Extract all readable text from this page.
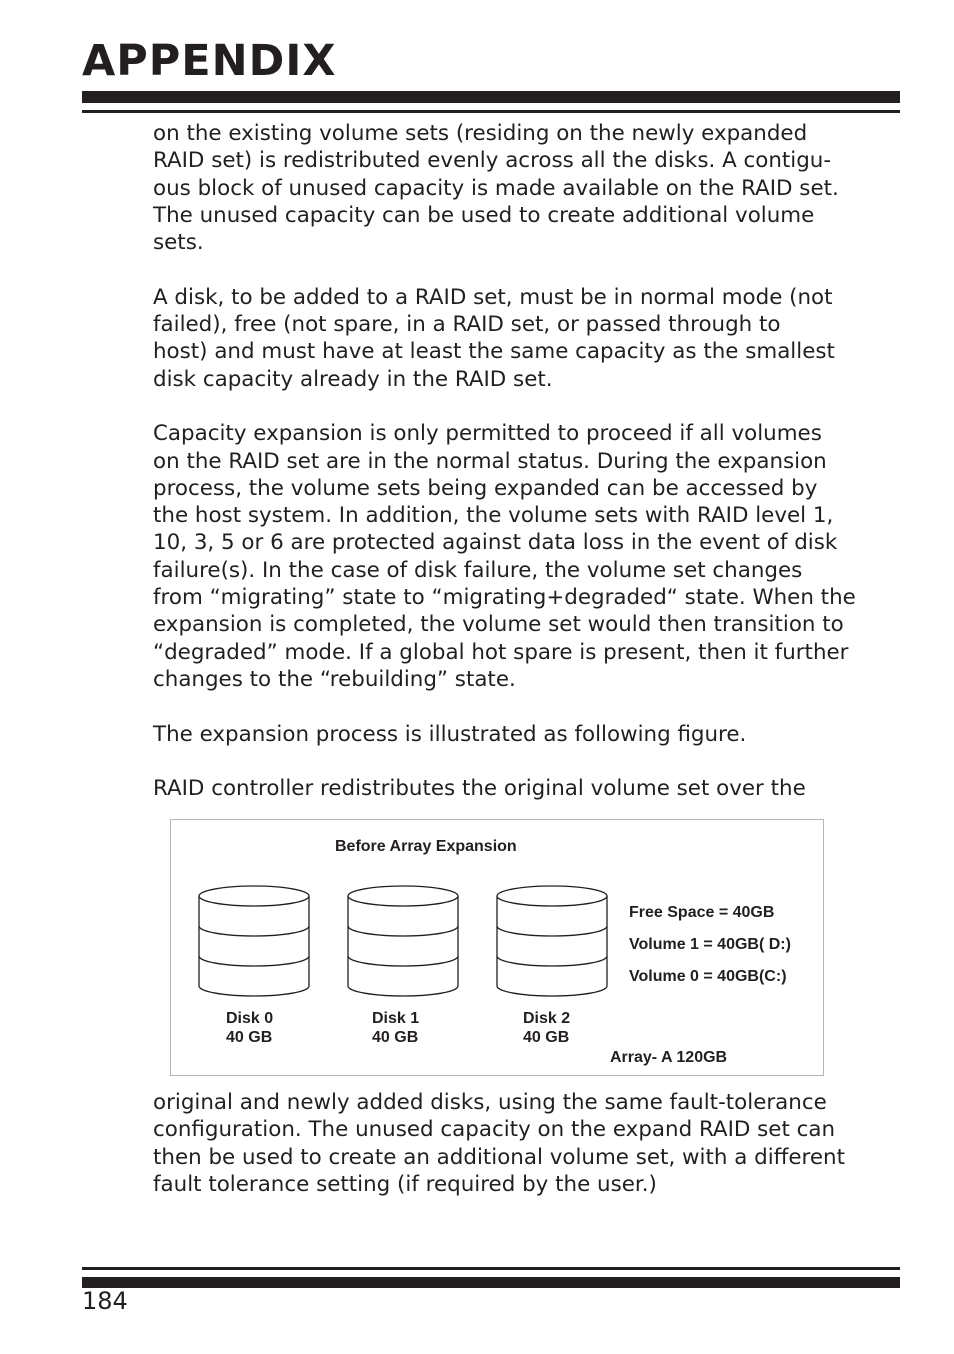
APPENDIX

on the existing volume sets (residing on the newly expanded
RAID set) is redistributed evenly across all the disks. A contigu-
ous block of unused capacity is made available on the RAID set.
The unused capacity can be used to create additional volume
sets.

A disk, to be added to a RAID set, must be in normal mode (not
failed), free (not spare, in a RAID set, or passed through to
host) and must have at least the same capacity as the smallest
disk capacity already in the RAID set.

Capacity expansion is only permitted to proceed if all volumes
on the RAID set are in the normal status. During the expansion
process, the volume sets being expanded can be accessed by
the host system. In addition, the volume sets with RAID level 1,
10, 3, 5 or 6 are protected against data loss in the event of disk
failure(s). In the case of disk failure, the volume set changes
from “migrating” state to “migrating+degraded“ state. When the
expansion is completed, the volume set would then transition to
“degraded” mode. If a global hot spare is present, then it further
changes to the “rebuilding” state.

The expansion process is illustrated as following figure.

RAID controller redistributes the original volume set over the

Before Array Expansion
Disk 0
40 GB
Disk 1
40 GB
Disk 2
40 GB
Free Space = 40GB
Volume 1 = 40GB( D:)
Volume 0 = 40GB(C:)
Array- A 120GB

original and newly added disks, using the same fault-tolerance
configuration. The unused capacity on the expand RAID set can
then be used to create an additional volume set, with a different
fault tolerance setting (if required by the user.)

184
